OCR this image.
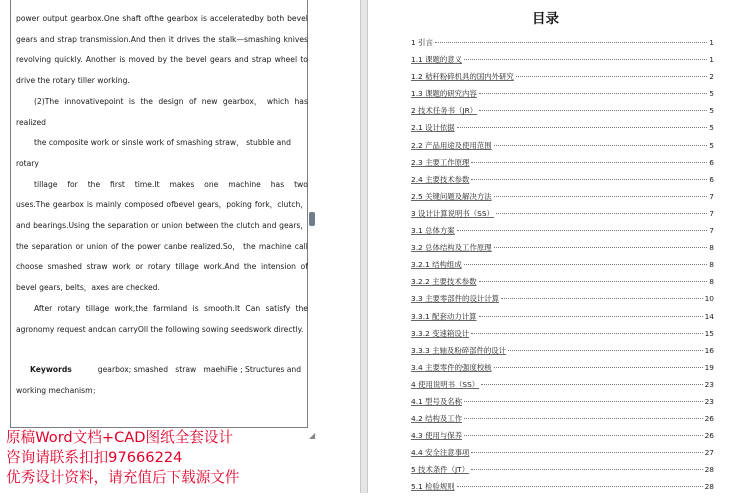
power output gearbox.One shaft ofthe gearbox is acceleratedby both bevel
gears and strap transmission.And then it drives the stalk—smashing knives
revolving quickly. Another is moved by the bevel gears and strap wheel to
drive the rotary tiller working.
(2)The innovativepoint is the design of new gearbox， which has
realized
the composite work or sinsle work of smashing straw， stubble and
rotary
tillage for the first time.It makes one machine has two
uses.The gearbox is mainly composed ofbevel gears，poking fork，clutch，
and bearings.Using the separation or union between the clutch and gears，
the separation or union of the power canbe realized.So， the machine call
choose smashed straw work or rotary tillage work.And the intension of
bevel gears, belts，axes are checked.
After rotary tillage work,the farmland is smooth.It Can satisfy the
agronomy request andcan carryOll the following sowing seedswork directly.
Keywords	gearbox; smashed   straw   maehiFie ; Structures and
working mechanism；
◢
原稿Word文档+CAD图纸全套设计
咨询请联系扣扣97666224
优秀设计资料，请充值后下载源文件
目录
1 引言	1
1.1 课题的意义	1
1.2 秸秆粉碎机具的国内外研究	2
1.3 课题的研究内容	5
2 技术任务书（JR）	5
2.1 设计依据	5
2.2 产品用途及使用范围	5
2.3 主要工作原理	6
2.4 主要技术参数	6
2.5 关键问题及解决方法	7
3 设计计算说明书（SS）	7
3.1 总体方案	7
3.2 总体结构及工作原理	8
3.2.1 结构组成	8
3.2.2 主要技术参数	8
3.3 主要零部件的设计计算	10
3.3.1 配套动力计算	14
3.3.2 变速箱设计	15
3.3.3 主轴及粉碎部件的设计	16
3.4 主要零件的强度校核	19
4 使用说明书（SS）	23
4.1 型号及名称	23
4.2 结构及工作	26
4.3 使用与保养	26
4.4 安全注意事项	27
5 技术条件（JT）	28
5.1 检验规则	28
